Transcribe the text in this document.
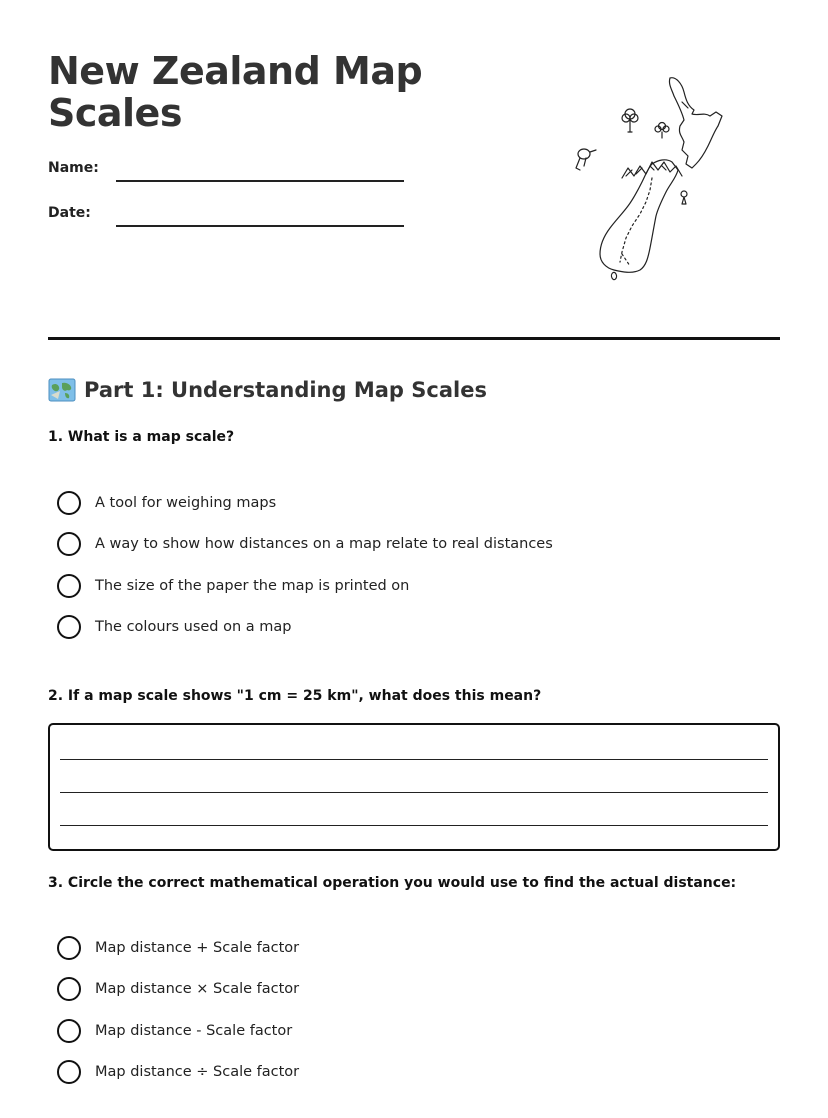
New Zealand Map Scales
Name:
Date:
Part 1: Understanding Map Scales
1. What is a map scale?
A tool for weighing maps
A way to show how distances on a map relate to real distances
The size of the paper the map is printed on
The colours used on a map
2. If a map scale shows "1 cm = 25 km", what does this mean?
3. Circle the correct mathematical operation you would use to find the actual distance:
Map distance + Scale factor
Map distance × Scale factor
Map distance - Scale factor
Map distance ÷ Scale factor
